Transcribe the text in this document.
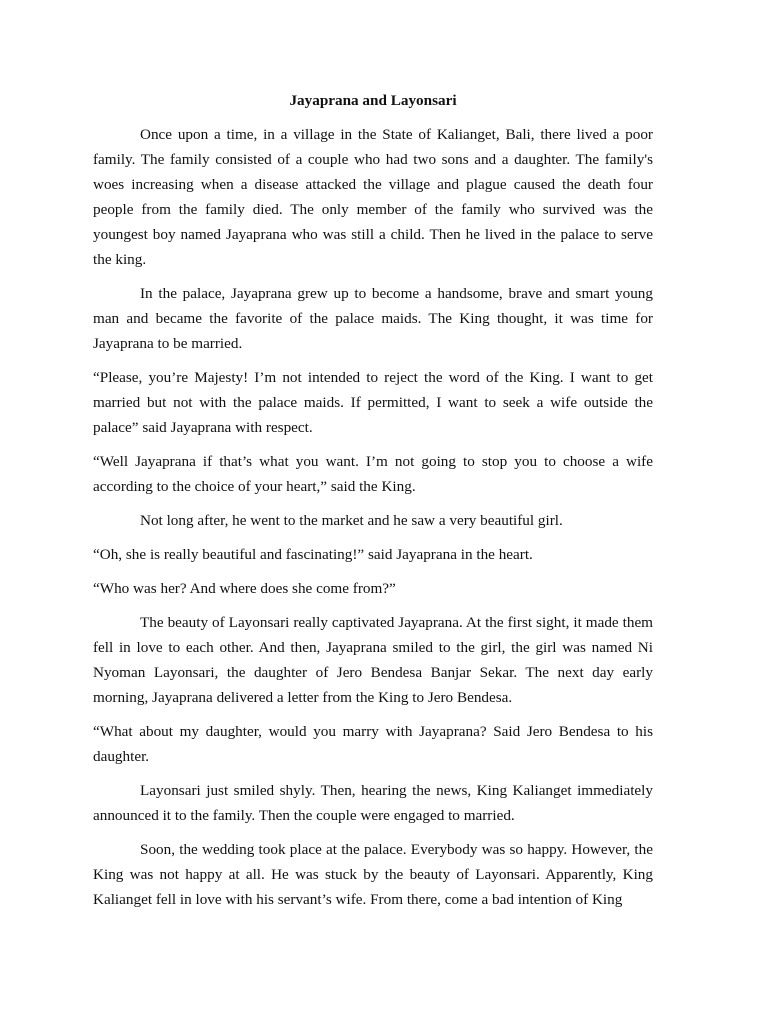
Jayaprana and Layonsari

Once upon a time, in a village in the State of Kalianget, Bali, there lived a poor family. The family consisted of a couple who had two sons and a daughter. The family's woes increasing when a disease attacked the village and plague caused the death four people from the family died. The only member of the family who survived was the youngest boy named Jayaprana who was still a child. Then he lived in the palace to serve the king.

In the palace, Jayaprana grew up to become a handsome, brave and smart young man and became the favorite of the palace maids. The King thought, it was time for Jayaprana to be married.

“Please, you’re Majesty! I’m not intended to reject the word of the King. I want to get married but not with the palace maids. If permitted, I want to seek a wife outside the palace” said Jayaprana with respect.

“Well Jayaprana if that’s what you want. I’m not going to stop you to choose a wife according to the choice of your heart,” said the King.

Not long after, he went to the market and he saw a very beautiful girl.

“Oh, she is really beautiful and fascinating!” said Jayaprana in the heart.

“Who was her? And where does she come from?”

The beauty of Layonsari really captivated Jayaprana. At the first sight, it made them fell in love to each other. And then, Jayaprana smiled to the girl, the girl was named Ni Nyoman Layonsari, the daughter of Jero Bendesa Banjar Sekar. The next day early morning, Jayaprana delivered a letter from the King to Jero Bendesa.

“What about my daughter, would you marry with Jayaprana? Said Jero Bendesa to his daughter.

Layonsari just smiled shyly. Then, hearing the news, King Kalianget immediately announced it to the family. Then the couple were engaged to married.

Soon, the wedding took place at the palace. Everybody was so happy. However, the King was not happy at all. He was stuck by the beauty of Layonsari. Apparently, King Kalianget fell in love with his servant’s wife. From there, come a bad intention of King
